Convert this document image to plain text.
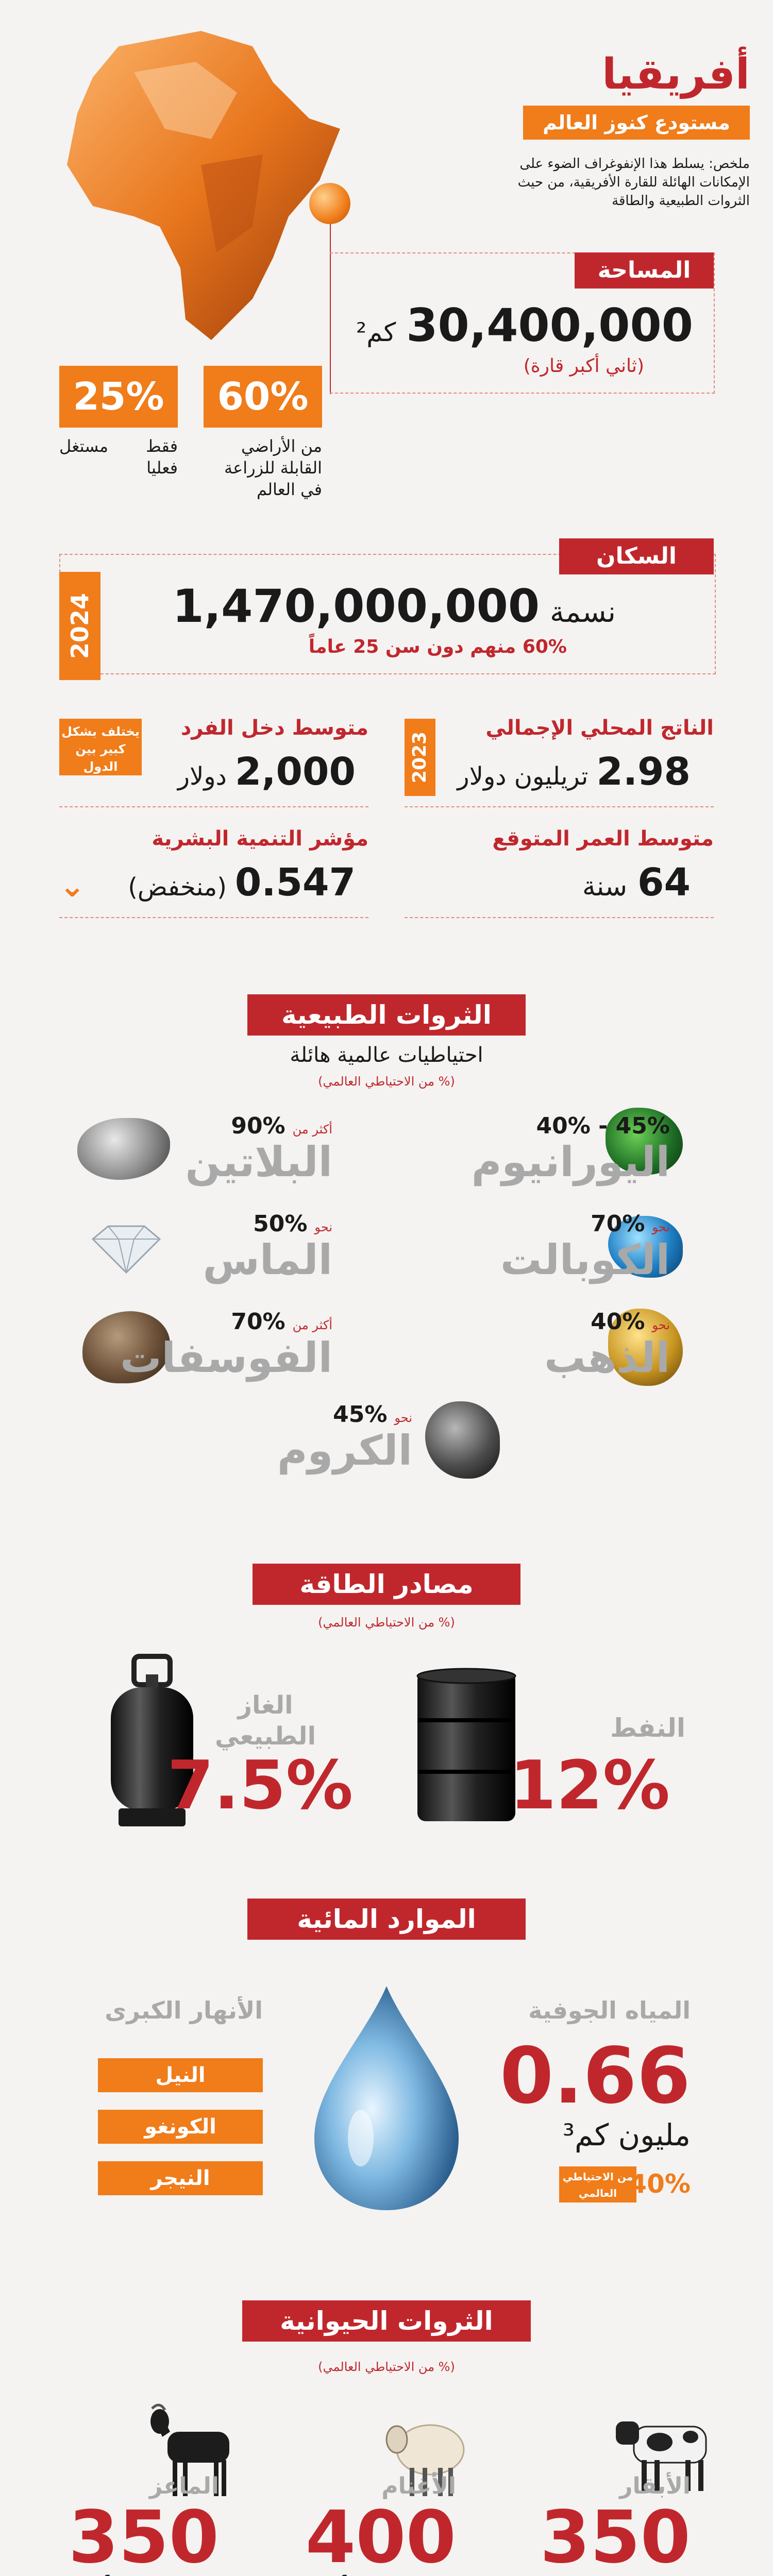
أفريقيا
مستودع كنوز العالم
ملخص: يسلط هذا الإنفوغراف الضوء على الإمكانات الهائلة للقارة الأفريقية، من حيث الثروات الطبيعية والطاقة
المساحة
30,400,000
كم²
(ثاني أكبر قارة)
60%
من الأراضي القابلة للزراعة في العالم
25%
فقط مستغل فعليا
السكان
2024	نسمة
1,470,000,000
60% منهم دون سن 25 عاماً
الناتج المحلي الإجمالي
2023	2.98
تريليون دولار
متوسط دخل الفرد
2,000
دولار
يختلف بشكل كبير بين الدول
متوسط العمر المتوقع
64
سنة
مؤشر التنمية البشرية
0.547
(منخفض)
⌄

الثروات الطبيعية
احتياطيات عالمية هائلة
(% من الاحتياطي العالمي)
40% - 45%
اليورانيوم
أكثر من 90%
البلاتين
نحو 70%
الكوبالت
نحو 50%
الماس
نحو 40%
الذهب
أكثر من 70%
الفوسفات
نحو 45%
الكروم
مصادر الطاقة
(% من الاحتياطي العالمي)
النفط
12%
الغاز الطبيعي
7.5%
الموارد المائية
المياه الجوفية
0.66
مليون كم³
من الاحتياطي العالمي 40%
الأنهار الكبرى
النيل
الكونغو
النيجر
الثروات الحيوانية
(% من الاحتياطي العالمي)
الأبقار
350
الأغنام
400
الماعز
350
